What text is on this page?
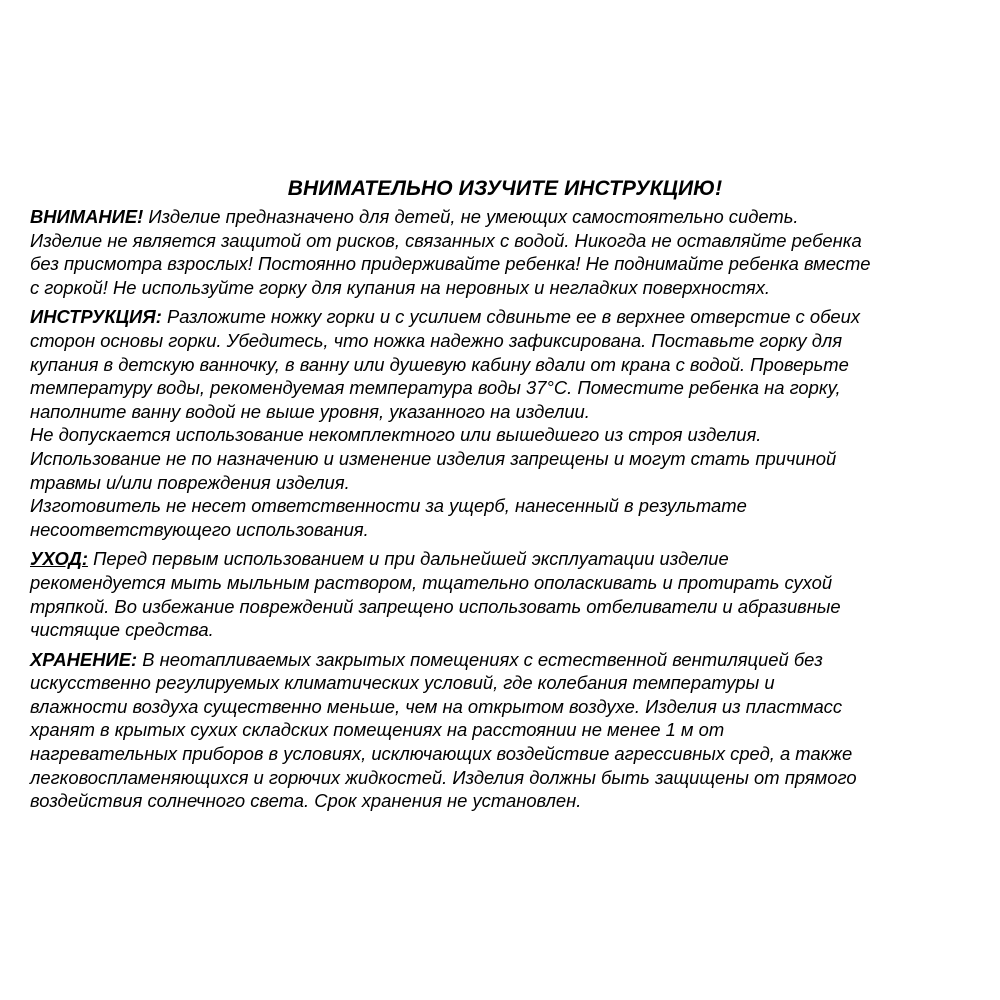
ВНИМАТЕЛЬНО ИЗУЧИТЕ ИНСТРУКЦИЮ!
ВНИМАНИЕ! Изделие предназначено для детей, не умеющих самостоятельно сидеть.
Изделие не является защитой от рисков, связанных с водой. Никогда не оставляйте ребенка
без присмотра взрослых! Постоянно придерживайте ребенка! Не поднимайте ребенка вместе
с горкой! Не используйте горку для купания на неровных и негладких поверхностях.
ИНСТРУКЦИЯ: Разложите ножку горки и с усилием сдвиньте ее в верхнее отверстие с обеих
сторон основы горки. Убедитесь, что ножка надежно зафиксирована. Поставьте горку для
купания в детскую ванночку, в ванну или душевую кабину вдали от крана с водой. Проверьте
температуру воды, рекомендуемая температура воды 37°С. Поместите ребенка на горку,
наполните ванну водой не выше уровня, указанного на изделии.
Не допускается использование некомплектного или вышедшего из строя изделия.
Использование не по назначению и изменение изделия запрещены и могут стать причиной
травмы и/или повреждения изделия.
Изготовитель не несет ответственности за ущерб, нанесенный в результате
несоответствующего использования.
УХОД: Перед первым использованием и при дальнейшей эксплуатации изделие
рекомендуется мыть мыльным раствором, тщательно ополаскивать и протирать сухой
тряпкой. Во избежание повреждений запрещено использовать отбеливатели и абразивные
чистящие средства.
ХРАНЕНИЕ: В неотапливаемых закрытых помещениях с естественной вентиляцией без
искусственно регулируемых климатических условий, где колебания температуры и
влажности воздуха существенно меньше, чем на открытом воздухе. Изделия из пластмасс
хранят в крытых сухих складских помещениях на расстоянии не менее 1 м от
нагревательных приборов в условиях, исключающих воздействие агрессивных сред, а также
легковоспламеняющихся и горючих жидкостей. Изделия должны быть защищены от прямого
воздействия солнечного света. Срок хранения не установлен.
